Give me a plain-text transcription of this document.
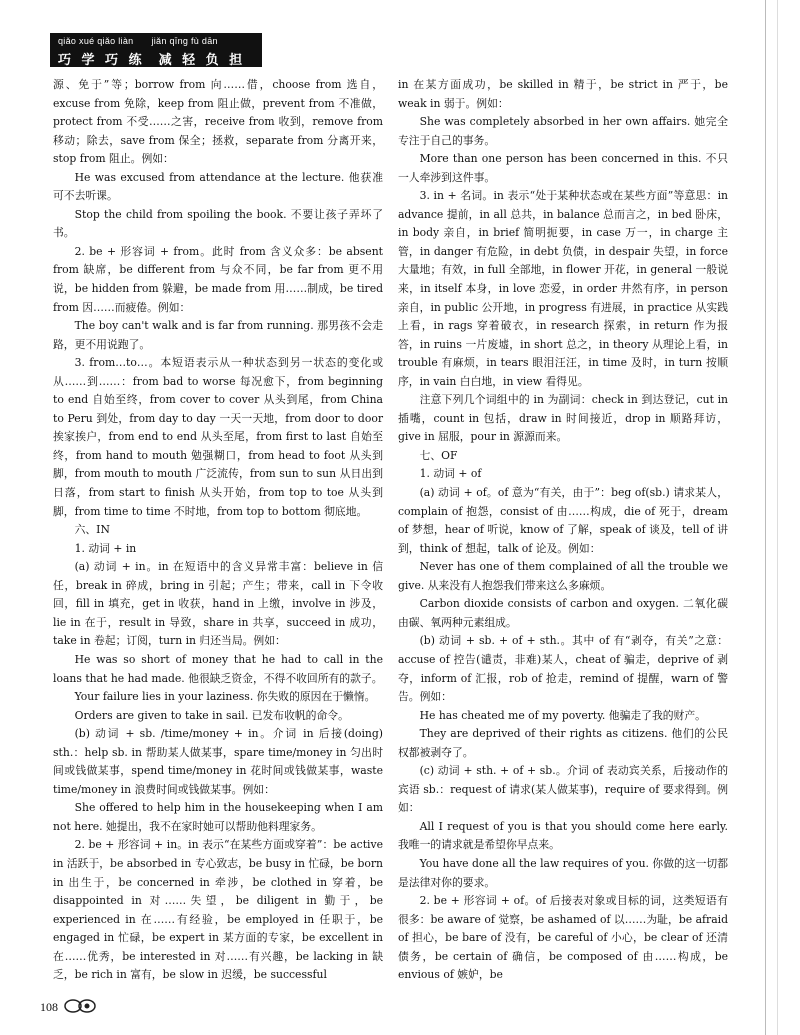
qiǎo xué qiǎo liàn jiǎn qīng fù dān
巧 学 巧 练 减 轻 负 担

源、免于”等；borrow from 向……借，choose from 选自，excuse from 免除，keep from 阻止做，prevent from 不准做，protect from 不受……之害，receive from 收到，remove from 移动；除去，save from 保全；拯救，separate from 分离开来，stop from 阻止。例如：

He was excused from attendance at the lecture. 他获准可不去听课。

Stop the child from spoiling the book. 不要让孩子弄坏了书。

2. be + 形容词 + from。此时 from 含义众多：be absent from 缺席，be different from 与众不同，be far from 更不用说，be hidden from 躲避，be made from 用……制成，be tired from 因……而疲倦。例如：

The boy can't walk and is far from running. 那男孩不会走路，更不用说跑了。

3. from…to…。本短语表示从一种状态到另一状态的变化或从……到……：from bad to worse 每况愈下，from beginning to end 自始至终，from cover to cover 从头到尾，from China to Peru 到处，from day to day 一天一天地，from door to door 挨家挨户，from end to end 从头至尾，from first to last 自始至终，from hand to mouth 勉强糊口，from head to foot 从头到脚，from mouth to mouth 广泛流传，from sun to sun 从日出到日落，from start to finish 从头开始，from top to toe 从头到脚，from time to time 不时地，from top to bottom 彻底地。

六、IN

1. 动词 + in

(a) 动词 + in。in 在短语中的含义异常丰富：believe in 信任，break in 碎成，bring in 引起；产生；带来，call in 下令收回，fill in 填充，get in 收获，hand in 上缴，involve in 涉及，lie in 在于，result in 导致，share in 共享，succeed in 成功，take in 卷起；订阅，turn in 归还当局。例如：

He was so short of money that he had to call in the loans that he had made. 他很缺乏资金，不得不收回所有的款子。

Your failure lies in your laziness. 你失败的原因在于懒惰。

Orders are given to take in sail. 已发布收帆的命令。

(b) 动词 + sb. /time/money + in。介词 in 后接(doing) sth.：help sb. in 帮助某人做某事，spare time/money in 匀出时间或钱做某事，spend time/money in 花时间或钱做某事，waste time/money in 浪费时间或钱做某事。例如：

She offered to help him in the housekeeping when I am not here. 她提出，我不在家时她可以帮助他料理家务。

2. be + 形容词 + in。in 表示“在某些方面或穿着”：be active in 活跃于，be absorbed in 专心致志，be busy in 忙碌，be born in 出生于，be concerned in 牵涉，be clothed in 穿着，be disappointed in 对……失望，be diligent in 勤于，be experienced in 在……有经验，be employed in 任职于，be engaged in 忙碌，be expert in 某方面的专家，be excellent in 在……优秀，be interested in 对……有兴趣，be lacking in 缺乏，be rich in 富有，be slow in 迟缓，be successful

in 在某方面成功，be skilled in 精于，be strict in 严于，be weak in 弱于。例如：

She was completely absorbed in her own affairs. 她完全专注于自己的事务。

More than one person has been concerned in this. 不只一人牵涉到这件事。

3. in + 名词。in 表示“处于某种状态或在某些方面”等意思：in advance 提前，in all 总共，in balance 总而言之，in bed 卧床，in body 亲自，in brief 简明扼要，in case 万一，in charge 主管，in danger 有危险，in debt 负债，in despair 失望，in force 大量地；有效，in full 全部地，in flower 开花，in general 一般说来，in itself 本身，in love 恋爱，in order 井然有序，in person 亲自，in public 公开地，in progress 有进展，in practice 从实践上看，in rags 穿着破衣，in research 探索，in return 作为报答，in ruins 一片废墟，in short 总之，in theory 从理论上看，in trouble 有麻烦，in tears 眼泪汪汪，in time 及时，in turn 按顺序，in vain 白白地，in view 看得见。

注意下列几个词组中的 in 为副词：check in 到达登记，cut in 插嘴，count in 包括，draw in 时间接近，drop in 顺路拜访，give in 屈服，pour in 源源而来。

七、OF

1. 动词 + of

(a) 动词 + of。of 意为“有关，由于”：beg of(sb.) 请求某人，complain of 抱怨，consist of 由……构成，die of 死于，dream of 梦想，hear of 听说，know of 了解，speak of 谈及，tell of 讲到，think of 想起，talk of 论及。例如：

Never has one of them complained of all the trouble we give. 从来没有人抱怨我们带来这么多麻烦。

Carbon dioxide consists of carbon and oxygen. 二氧化碳由碳、氧两种元素组成。

(b) 动词 + sb. + of + sth.。其中 of 有“剥夺，有关”之意：accuse of 控告(谴责，非难)某人，cheat of 骗走，deprive of 剥夺，inform of 汇报，rob of 抢走，remind of 提醒，warn of 警告。例如：

He has cheated me of my poverty. 他骗走了我的财产。

They are deprived of their rights as citizens. 他们的公民权都被剥夺了。

(c) 动词 + sth. + of + sb.。介词 of 表动宾关系，后接动作的宾语 sb.：request of 请求(某人做某事)，require of 要求得到。例如：

All I request of you is that you should come here early. 我唯一的请求就是希望你早点来。

You have done all the law requires of you. 你做的这一切都是法律对你的要求。

2. be + 形容词 + of。of 后接表对象或目标的词，这类短语有很多：be aware of 觉察，be ashamed of 以……为耻，be afraid of 担心，be bare of 没有，be careful of 小心，be clear of 还清债务，be certain of 确信，be composed of 由……构成，be envious of 嫉妒，be

108
